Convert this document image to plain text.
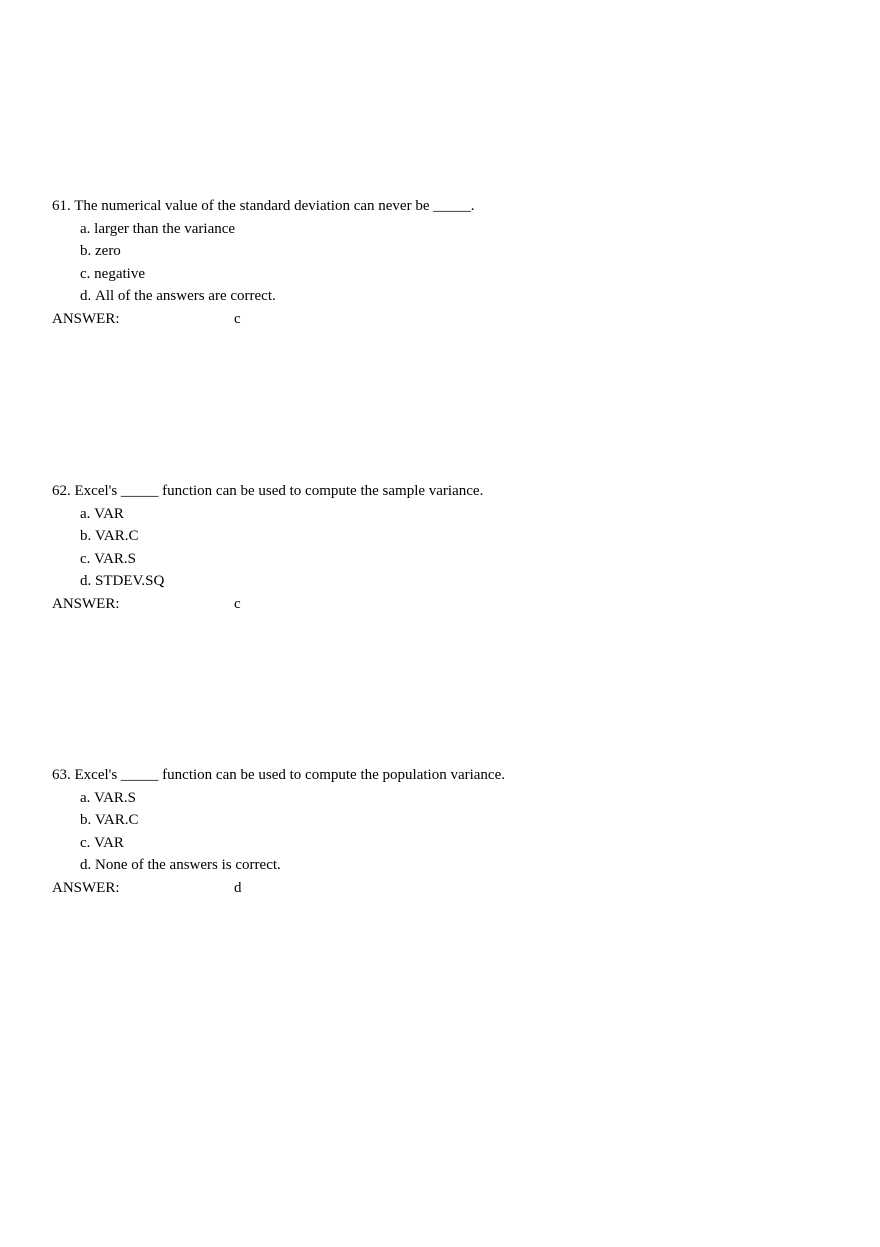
61. The numerical value of the standard deviation can never be _____.
a. larger than the variance
b. zero
c. negative
d. All of the answers are correct.
ANSWER:	c
62. Excel's _____ function can be used to compute the sample variance.
a. VAR
b. VAR.C
c. VAR.S
d. STDEV.SQ
ANSWER:	c
63. Excel's _____ function can be used to compute the population variance.
a. VAR.S
b. VAR.C
c. VAR
d. None of the answers is correct.
ANSWER:	d
